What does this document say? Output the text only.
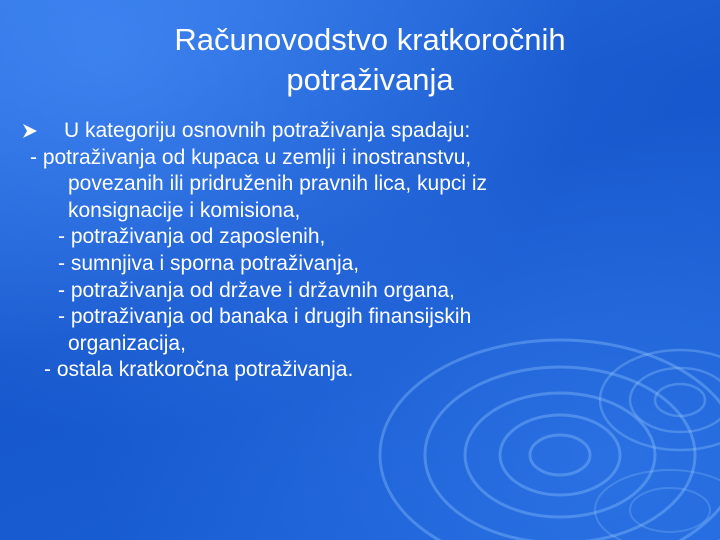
Računovodstvo kratkoročnih
potraživanja
U kategoriju osnovnih potraživanja spadaju:
- potraživanja od kupaca u zemlji i inostranstvu,
povezanih ili pridruženih pravnih lica, kupci iz
konsignacije i komisiona,
- potraživanja od zaposlenih,
- sumnjiva i sporna potraživanja,
- potraživanja od države i državnih organa,
- potraživanja od banaka i drugih finansijskih
organizacija,
- ostala kratkoročna potraživanja.
